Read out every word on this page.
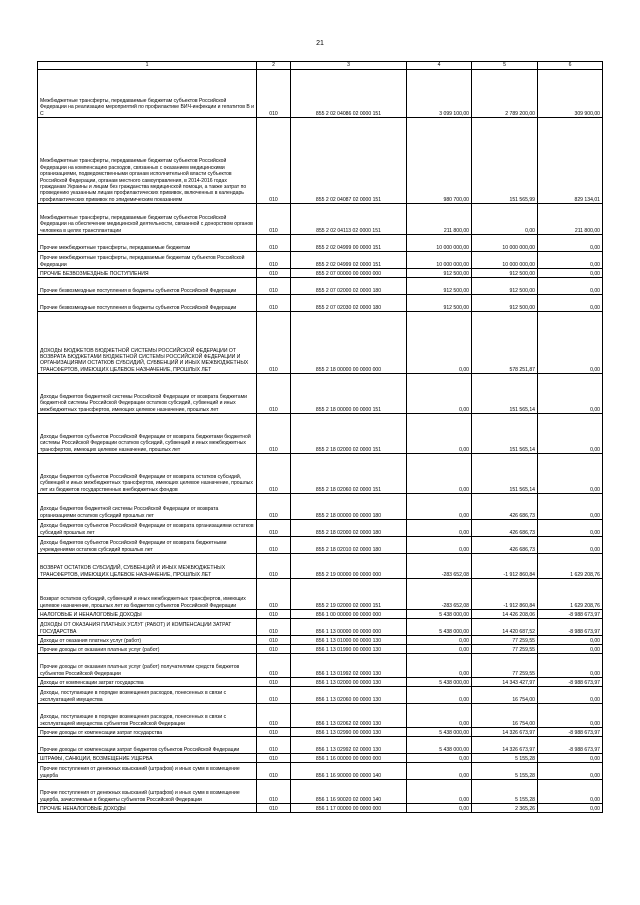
21
1	2	3	4	5	6
Межбюджетные трансферты, передаваемые бюджетам субъектов Российской Федерации на реализацию мероприятий по профилактике ВИЧ-инфекции и гепатитов В и С	010	855 2 02 04086 02 0000 151	3 099 100,00	2 789 200,00	309 900,00
Межбюджетные трансферты, передаваемые бюджетам субъектов Российской Федерации на компенсацию расходов, связанных с оказанием медицинскими организациями, подведомственными органам исполнительной власти субъектов Российской Федерации, органам местного самоуправления, в 2014-2016 годах гражданам Украины и лицам без гражданства медицинской помощи, а также затрат по проведению указанным лицам профилактических прививок, включенных в календарь профилактических прививок по эпидемическим показаниям	010	855 2 02 04087 02 0000 151	980 700,00	151 565,99	829 134,01
Межбюджетные трансферты, передаваемые бюджетам субъектов Российской Федерации на обеспечение медицинской деятельности, связанной с донорством органов человека в целях трансплантации	010	855 2 02 04113 02 0000 151	211 800,00	0,00	211 800,00
Прочие межбюджетные трансферты, передаваемые бюджетам	010	855 2 02 04999 00 0000 151	10 000 000,00	10 000 000,00	0,00
Прочие межбюджетные трансферты, передаваемые бюджетам субъектов Российской Федерации	010	855 2 02 04999 02 0000 151	10 000 000,00	10 000 000,00	0,00
ПРОЧИЕ БЕЗВОЗМЕЗДНЫЕ ПОСТУПЛЕНИЯ	010	855 2 07 00000 00 0000 000	912 500,00	912 500,00	0,00
Прочие безвозмездные поступления в бюджеты субъектов Российской Федерации	010	855 2 07 02000 02 0000 180	912 500,00	912 500,00	0,00
Прочие безвозмездные поступления в бюджеты субъектов Российской Федерации	010	855 2 07 02030 02 0000 180	912 500,00	912 500,00	0,00
ДОХОДЫ БЮДЖЕТОВ БЮДЖЕТНОЙ СИСТЕМЫ РОССИЙСКОЙ ФЕДЕРАЦИИ ОТ ВОЗВРАТА БЮДЖЕТАМИ БЮДЖЕТНОЙ СИСТЕМЫ РОССИЙСКОЙ ФЕДЕРАЦИИ И ОРГАНИЗАЦИЯМИ ОСТАТКОВ СУБСИДИЙ, СУБВЕНЦИЙ И ИНЫХ МЕЖБЮДЖЕТНЫХ ТРАНСФЕРТОВ, ИМЕЮЩИХ ЦЕЛЕВОЕ НАЗНАЧЕНИЕ, ПРОШЛЫХ ЛЕТ	010	855 2 18 00000 00 0000 000	0,00	578 251,87	0,00
Доходы бюджетов бюджетной системы Российской Федерации от возврата бюджетами бюджетной системы Российской Федерации остатков субсидий, субвенций и иных межбюджетных трансфертов, имеющих целевое назначение, прошлых лет	010	855 2 18 00000 00 0000 151	0,00	151 565,14	0,00
Доходы бюджетов субъектов Российской Федерации от возврата бюджетами бюджетной системы Российской Федерации остатков субсидий, субвенций и иных межбюджетных трансфертов, имеющих целевое назначение, прошлых лет	010	855 2 18 02000 02 0000 151	0,00	151 565,14	0,00
Доходы бюджетов субъектов Российской Федерации от возврата остатков субсидий, субвенций и иных межбюджетных трансфертов, имеющих целевое назначение, прошлых лет из бюджетов государственных внебюджетных фондов	010	855 2 18 02060 02 0000 151	0,00	151 565,14	0,00
Доходы бюджетов бюджетной системы Российской Федерации от возврата организациями остатков субсидий прошлых лет	010	855 2 18 00000 00 0000 180	0,00	426 686,73	0,00
Доходы бюджетов субъектов Российской Федерации от возврата организациями остатков субсидий прошлых лет	010	855 2 18 02000 02 0000 180	0,00	426 686,73	0,00
Доходы бюджетов субъектов Российской Федерации от возврата бюджетными учреждениями остатков субсидий прошлых лет	010	855 2 18 02010 02 0000 180	0,00	426 686,73	0,00
ВОЗВРАТ ОСТАТКОВ СУБСИДИЙ, СУБВЕНЦИЙ И ИНЫХ МЕЖБЮДЖЕТНЫХ ТРАНСФЕРТОВ, ИМЕЮЩИХ ЦЕЛЕВОЕ НАЗНАЧЕНИЕ, ПРОШЛЫХ ЛЕТ	010	855 2 19 00000 00 0000 000	-283 652,08	-1 912 860,84	1 629 208,76
Возврат остатков субсидий, субвенций и иных межбюджетных трансфертов, имеющих целевое назначение, прошлых лет из бюджетов субъектов Российской Федерации	010	855 2 19 02000 02 0000 151	-283 652,08	-1 912 860,84	1 629 208,76
НАЛОГОВЫЕ И НЕНАЛОГОВЫЕ ДОХОДЫ	010	856 1 00 00000 00 0000 000	5 438 000,00	14 426 208,06	-8 988 673,97
ДОХОДЫ ОТ ОКАЗАНИЯ ПЛАТНЫХ УСЛУГ (РАБОТ) И КОМПЕНСАЦИИ ЗАТРАТ ГОСУДАРСТВА	010	856 1 13 00000 00 0000 000	5 438 000,00	14 420 687,52	-8 988 673,97
Доходы от оказания платных услуг (работ)	010	856 1 13 01000 00 0000 130	0,00	77 259,55	0,00
Прочие доходы от оказания платных услуг (работ)	010	856 1 13 01990 00 0000 130	0,00	77 259,55	0,00
Прочие доходы от оказания платных услуг (работ) получателями средств бюджетов субъектов Российской Федерации	010	856 1 13 01992 02 0000 130	0,00	77 259,55	0,00
Доходы от компенсации затрат государства	010	856 1 13 02000 00 0000 130	5 438 000,00	14 343 427,97	-8 988 673,97
Доходы, поступающие в порядке возмещения расходов, понесенных в связи с эксплуатацией имущества	010	856 1 13 02060 00 0000 130	0,00	16 754,00	0,00
Доходы, поступающие в порядке возмещения расходов, понесенных в связи с эксплуатацией имущества субъектов Российской Федерации	010	856 1 13 02062 02 0000 130	0,00	16 754,00	0,00
Прочие доходы от компенсации затрат государства	010	856 1 13 02990 00 0000 130	5 438 000,00	14 326 673,97	-8 988 673,97
Прочие доходы от компенсации затрат бюджетов субъектов Российской Федерации	010	856 1 13 02992 02 0000 130	5 438 000,00	14 326 673,97	-8 988 673,97
ШТРАФЫ, САНКЦИИ, ВОЗМЕЩЕНИЕ УЩЕРБА	010	856 1 16 00000 00 0000 000	0,00	5 155,28	0,00
Прочие поступления от денежных взысканий (штрафов) и иных сумм в возмещение ущерба	010	856 1 16 90000 00 0000 140	0,00	5 155,28	0,00
Прочие поступления от денежных взысканий (штрафов) и иных сумм в возмещение ущерба, зачисляемые в бюджеты субъектов Российской Федерации	010	856 1 16 90020 02 0000 140	0,00	5 155,28	0,00
ПРОЧИЕ НЕНАЛОГОВЫЕ ДОХОДЫ	010	856 1 17 00000 00 0000 000	0,00	2 365,26	0,00
